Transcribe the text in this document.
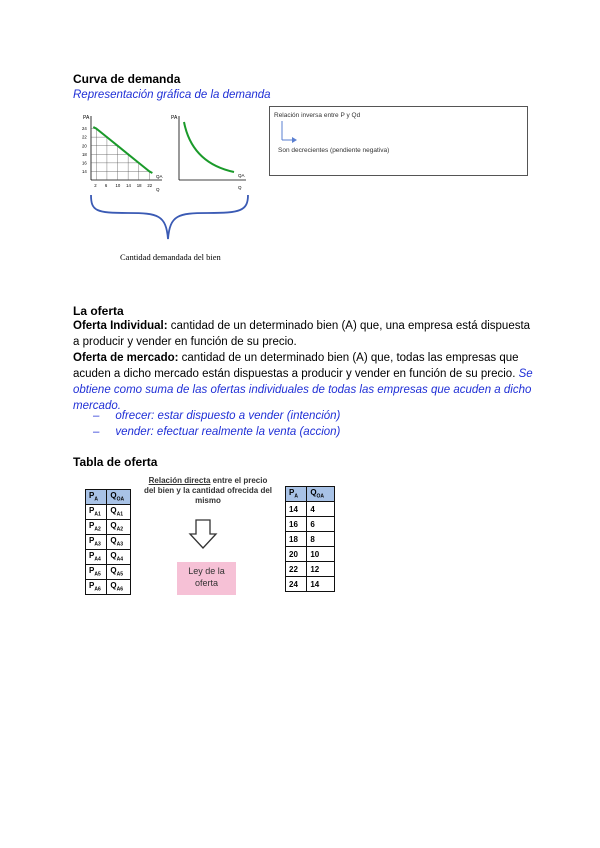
Curva de demanda
Representación gráfica de la demanda
PA
24
22
20
18
16
14
2 6 10 14 18 22
QA
Q
PA
QA
Q
Cantidad demandada del bien
Relación inversa entre P y Qd
Son decrecientes (pendiente negativa)
La oferta
Oferta Individual: cantidad de un determinado bien (A) que, una empresa está dispuesta a producir y vender en función de su precio.
Oferta de mercado: cantidad de un determinado bien (A) que, todas las empresas que acuden a dicho mercado están dispuestas a producir y vender en función de su precio. Se obtiene como suma de las ofertas individuales de todas las empresas que acuden a dicho mercado.
–     ofrecer: estar dispuesto a vender (intención)
–     vender: efectuar realmente la venta (accion)
Tabla de oferta
$P_A$	$Q_{OA}$
$P_{A1}$	$Q_{A1}$
$P_{A2}$	$Q_{A2}$
$P_{A3}$	$Q_{A3}$
$P_{A4}$	$Q_{A4}$
$P_{A5}$	$Q_{A5}$
$P_{A6}$	$Q_{A6}$
Relación directa entre el precio del bien y la cantidad ofrecida del mismo
Ley de la
oferta
$P_A$	$Q_{OA}$
14	4
16	6
18	8
20	10
22	12
24	14
